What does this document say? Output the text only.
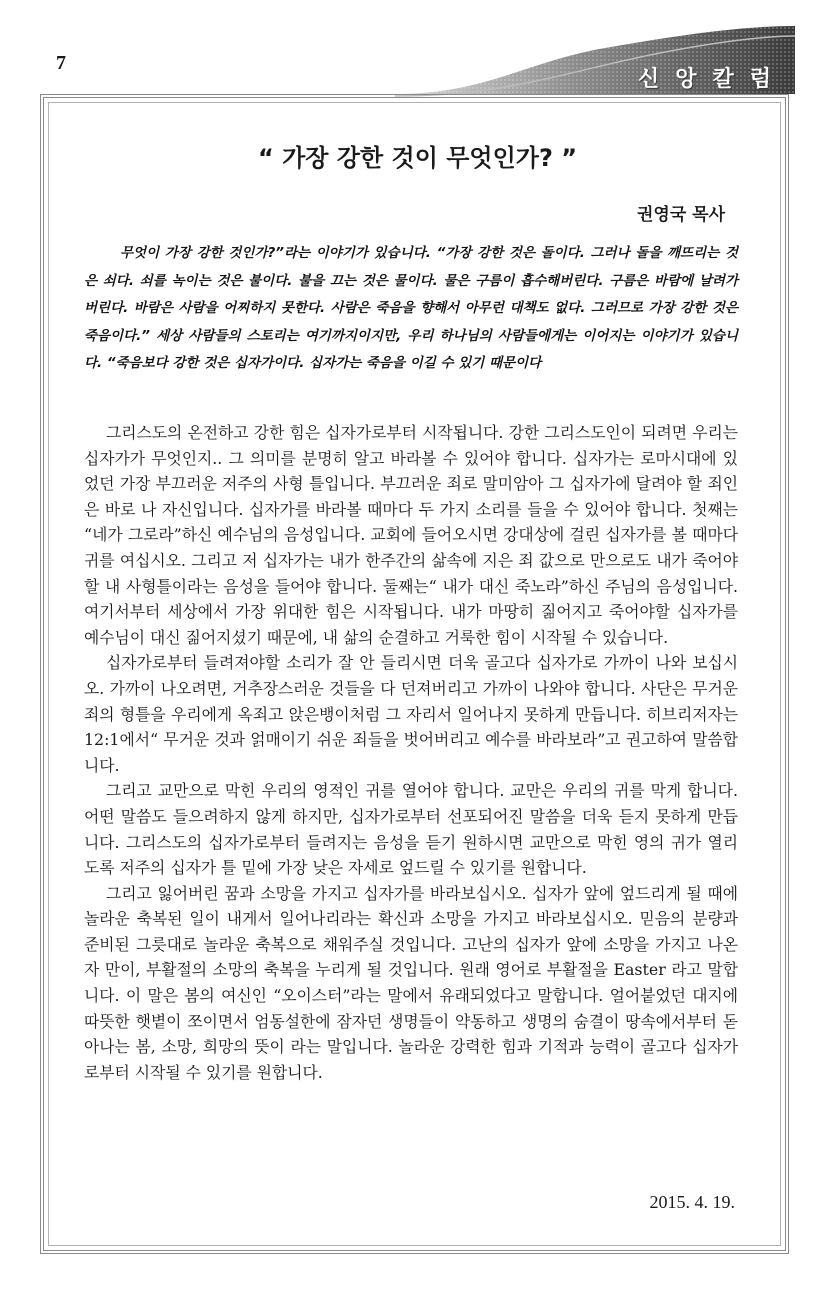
7
신앙칼럼
“ 가장 강한 것이 무엇인가? ”
권영국 목사

무엇이 가장 강한 것인가?”라는 이야기가 있습니다. “가장 강한 것은 돌이다. 그러나 돌을 깨뜨리는 것은 쇠다. 쇠를 녹이는 것은 불이다. 불을 끄는 것은 물이다. 물은 구름이 흡수해버린다. 구름은 바람에 날려가 버린다. 바람은 사람을 어찌하지 못한다. 사람은 죽음을 향해서 아무런 대책도 없다. 그러므로 가장 강한 것은 죽음이다.” 세상 사람들의 스토리는 여기까지이지만, 우리 하나님의 사람들에게는 이어지는 이야기가 있습니다. “죽음보다 강한 것은 십자가이다. 십자가는 죽음을 이길 수 있기 때문이다

그리스도의 온전하고 강한 힘은 십자가로부터 시작됩니다. 강한 그리스도인이 되려면 우리는 십자가가 무엇인지.. 그 의미를 분명히 알고 바라볼 수 있어야 합니다. 십자가는 로마시대에 있었던 가장 부끄러운 저주의 사형 틀입니다. 부끄러운 죄로 말미암아 그 십자가에 달려야 할 죄인은 바로 나 자신입니다. 십자가를 바라볼 때마다 두 가지 소리를 들을 수 있어야 합니다. 첫째는 “네가 그로라”하신 예수님의 음성입니다. 교회에 들어오시면 강대상에 걸린 십자가를 볼 때마다 귀를 여십시오. 그리고 저 십자가는 내가 한주간의 삶속에 지은 죄 값으로 만으로도 내가 죽어야할 내 사형틀이라는 음성을 들어야 합니다. 둘째는“ 내가 대신 죽노라”하신 주님의 음성입니다. 여기서부터 세상에서 가장 위대한 힘은 시작됩니다. 내가 마땅히 짊어지고 죽어야할 십자가를 예수님이 대신 짊어지셨기 때문에, 내 삶의 순결하고 거룩한 힘이 시작될 수 있습니다.

십자가로부터 들려져야할 소리가 잘 안 들리시면 더욱 골고다 십자가로 가까이 나와 보십시오. 가까이 나오려면, 거추장스러운 것들을 다 던져버리고 가까이 나와야 합니다. 사단은 무거운 죄의 형틀을 우리에게 옥죄고 앉은뱅이처럼 그 자리서 일어나지 못하게 만듭니다. 히브리저자는 12:1에서“ 무거운 것과 얽매이기 쉬운 죄들을 벗어버리고 예수를 바라보라”고 권고하여 말씀합니다.

그리고 교만으로 막힌 우리의 영적인 귀를 열어야 합니다. 교만은 우리의 귀를 막게 합니다. 어떤 말씀도 들으려하지 않게 하지만, 십자가로부터 선포되어진 말씀을 더욱 듣지 못하게 만듭니다. 그리스도의 십자가로부터 들려지는 음성을 듣기 원하시면 교만으로 막힌 영의 귀가 열리도록 저주의 십자가 틀 밑에 가장 낮은 자세로 엎드릴 수 있기를 원합니다.

그리고 잃어버린 꿈과 소망을 가지고 십자가를 바라보십시오. 십자가 앞에 엎드리게 될 때에 놀라운 축복된 일이 내게서 일어나리라는 확신과 소망을 가지고 바라보십시오. 믿음의 분량과 준비된 그릇대로 놀라운 축복으로 채워주실 것입니다. 고난의 십자가 앞에 소망을 가지고 나온 자 만이, 부활절의 소망의 축복을 누리게 될 것입니다. 원래 영어로 부활절을 Easter 라고 말합니다. 이 말은 봄의 여신인 “오이스터”라는 말에서 유래되었다고 말합니다. 얼어붙었던 대지에 따뜻한 햇볕이 쪼이면서 엄동설한에 잠자던 생명들이 약동하고 생명의 숨결이 땅속에서부터 돋아나는 봄, 소망, 희망의 뜻이 라는 말입니다. 놀라운 강력한 힘과 기적과 능력이 골고다 십자가로부터 시작될 수 있기를 원합니다.

2015. 4. 19.
